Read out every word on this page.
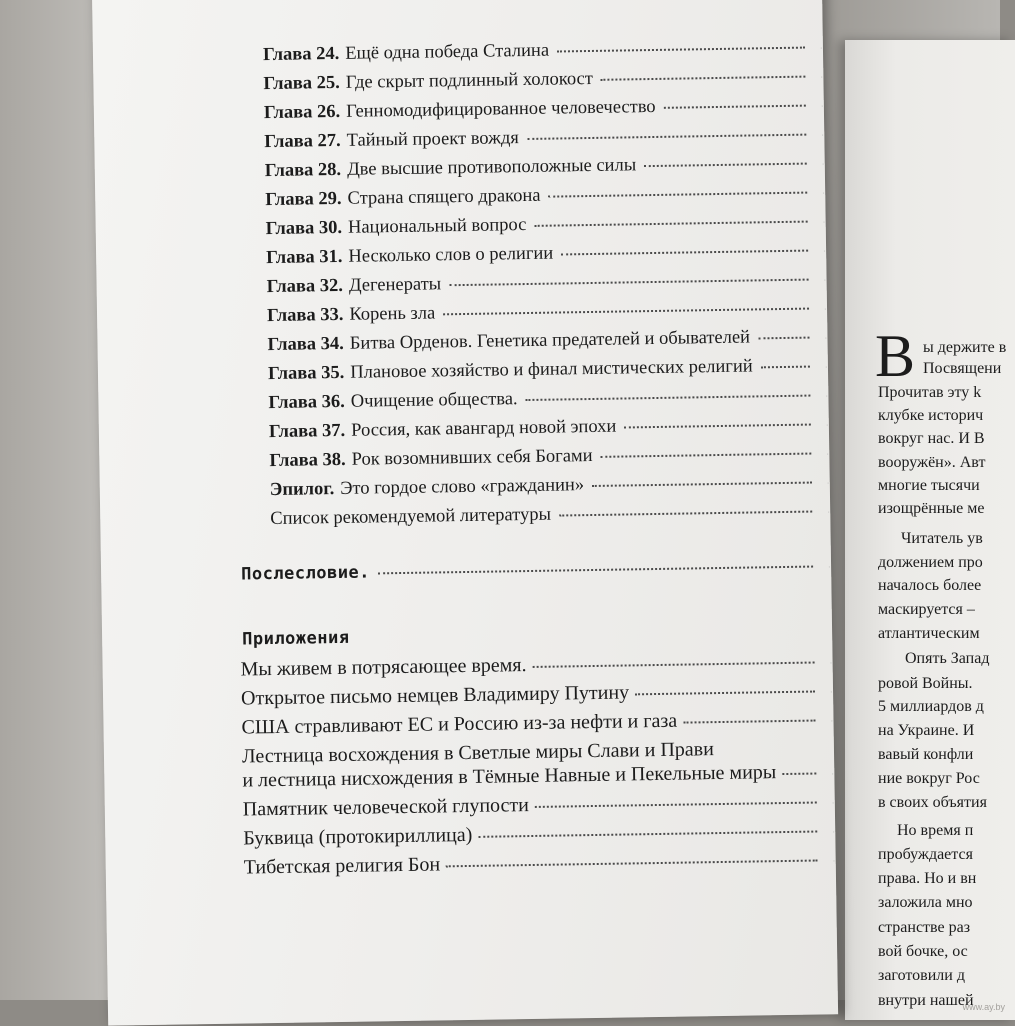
В ы держите в
Посвящени
Прочитав эту k
клубке историч
вокруг нас. И В
вооружён». Авт
многие тысячи
изощрённые ме
Читатель ув
должением про
началось более
маскируется –
атлантическим
Опять Запад
ровой Войны.
5 миллиардов д
на Украине. И
вавый конфли
ние вокруг Рос
в своих объятия
Но время п
пробуждается
права. Но и вн
заложила мно
странстве раз
вой бочке, ос
заготовили д
внутри нашей
www.ay.by
Глава 24. Ещё одна победа Сталина	·
Глава 25. Где скрыт подлинный холокост	·
Глава 26. Генномодифицированное человечество	·
Глава 27. Тайный проект вождя	·
Глава 28. Две высшие противоположные силы	·
Глава 29. Страна спящего дракона	·
Глава 30. Национальный вопрос	·
Глава 31. Несколько слов о религии	·
Глава 32. Дегенераты	·
Глава 33. Корень зла	·
Глава 34. Битва Орденов. Генетика предателей и обывателей	·
Глава 35. Плановое хозяйство и финал мистических религий	·
Глава 36. Очищение общества.	·
Глава 37. Россия, как авангард новой эпохи	·
Глава 38. Рок возомнивших себя Богами	·
Эпилог. Это гордое слово «гражданин»	·
Список рекомендуемой литературы	·
Послесловие.	·
Приложения
Мы живем в потрясающее время.	·
Открытое письмо немцев Владимиру Путину	·
США стравливают ЕС и Россию из-за нефти и газа	·
Лестница восхождения в Светлые миры Слави и Прави
и лестница нисхождения в Тёмные Навные и Пекельные миры	·
Памятник человеческой глупости	·
Буквица (протокириллица)	·
Тибетская религия Бон	·
